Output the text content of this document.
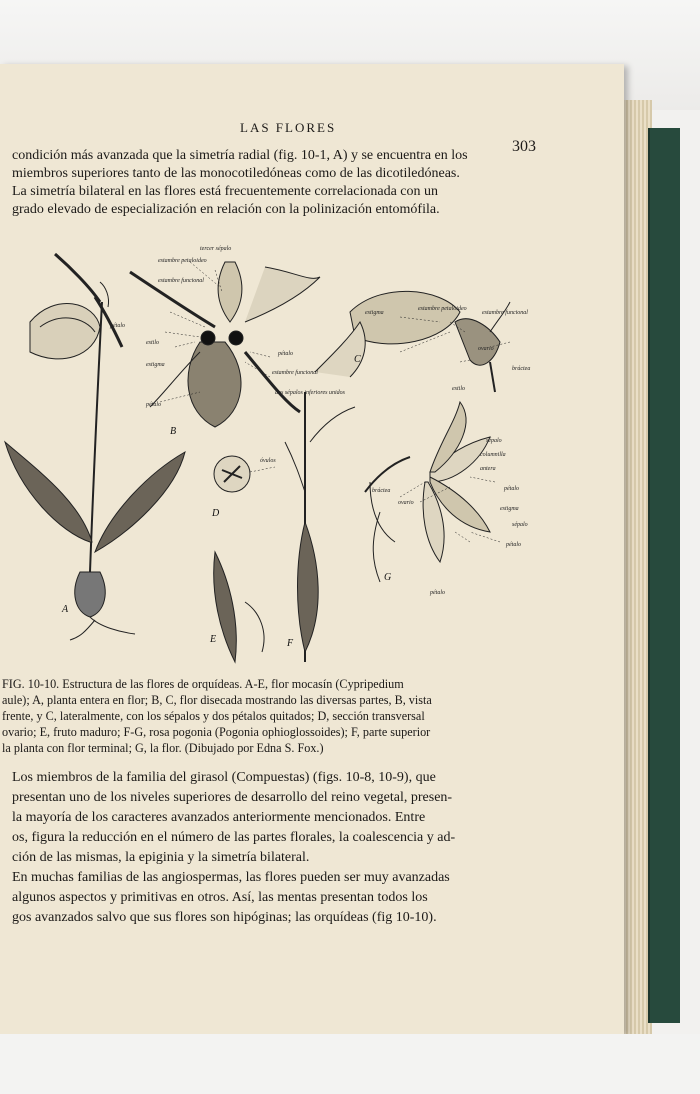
LAS FLORES
303
condición más avanzada que la simetría radial (fig. 10-1, A) y se encuentra en los
miembros superiores tanto de las monocotiledóneas como de las dicotiledóneas.
La simetría bilateral en las flores está frecuentemente correlacionada con un
grado elevado de especialización en relación con la polinización entomófila.
tercer sépalo
estambre petaloideo
estambre funcional
pétalo
estilo
estigma
pétalo
pétalo
estambre funcional
dos sépalos inferiores unidos
estigma
estambre petaloideo
estambre funcional
ovario
bráctea
estilo
óvulos
sépalo
columnilla
antera
bráctea
ovario
pétalo
estigma
sépalo
pétalo
pétalo
A
B
C
D
E	F
G
FIG. 10-10. Estructura de las flores de orquídeas. A-E, flor mocasín (Cypripedium
aule); A, planta entera en flor; B, C, flor disecada mostrando las diversas partes, B, vista
frente, y C, lateralmente, con los sépalos y dos pétalos quitados; D, sección transversal
ovario; E, fruto maduro; F-G, rosa pogonia (Pogonia ophioglossoides); F, parte superior
la planta con flor terminal; G, la flor. (Dibujado por Edna S. Fox.)
Los miembros de la familia del girasol (Compuestas) (figs. 10-8, 10-9), que
presentan uno de los niveles superiores de desarrollo del reino vegetal, presen-
la mayoría de los caracteres avanzados anteriormente mencionados. Entre
os, figura la reducción en el número de las partes florales, la coalescencia y ad-
ción de las mismas, la epiginia y la simetría bilateral.
En muchas familias de las angiospermas, las flores pueden ser muy avanzadas
algunos aspectos y primitivas en otros. Así, las mentas presentan todos los
gos avanzados salvo que sus flores son hipóginas; las orquídeas (fig 10-10).
